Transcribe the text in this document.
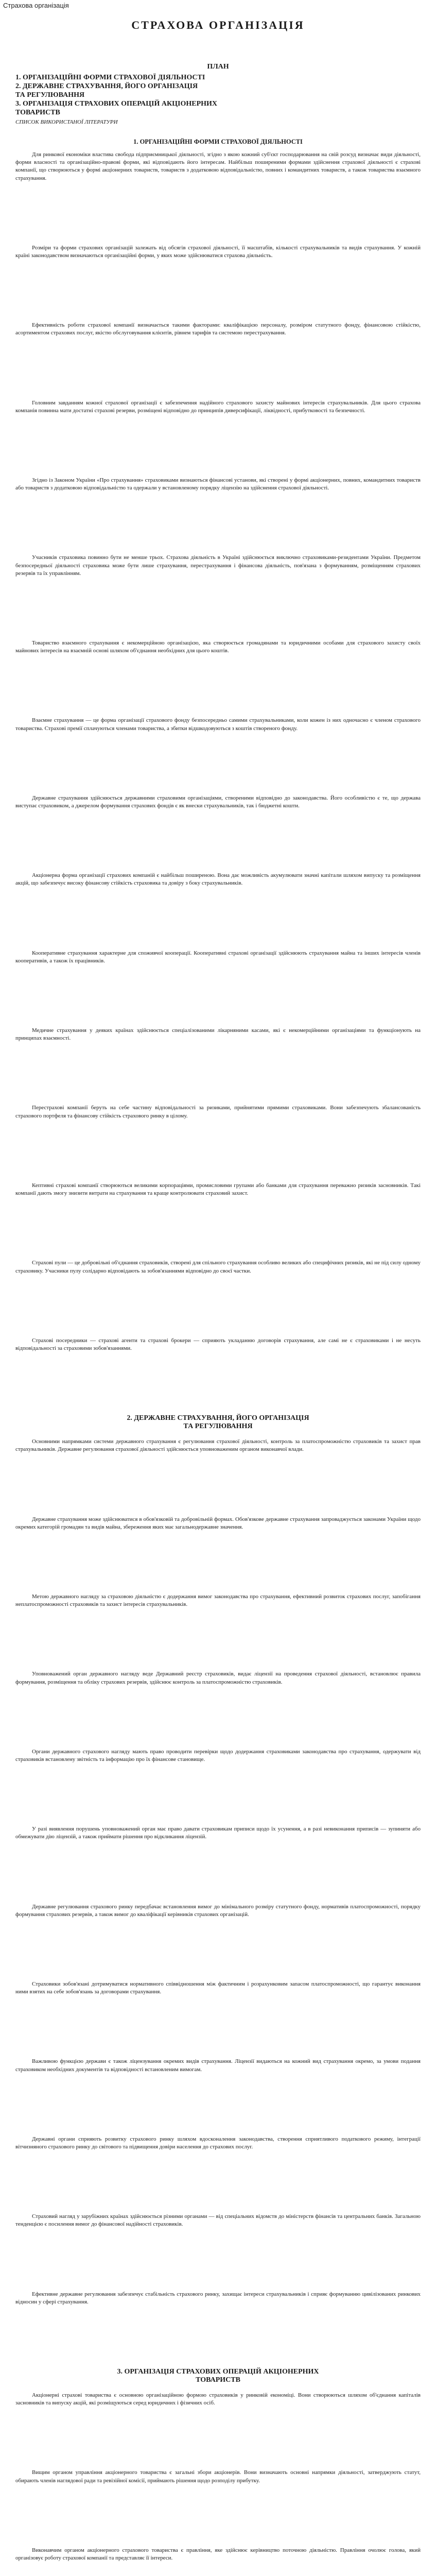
Страхова організація
СТРАХОВА ОРГАНІЗАЦІЯ
ПЛАН
1. ОРГАНІЗАЦІЙНІ ФОРМИ СТРАХОВОЇ ДІЯЛЬНОСТІ
2. ДЕРЖАВНЕ СТРАХУВАННЯ, ЙОГО ОРГАНІЗАЦІЯ
ТА РЕГУЛЮВАННЯ
3. ОРГАНІЗАЦІЯ СТРАХОВИХ ОПЕРАЦІЙ АКЦІОНЕРНИХ
ТОВАРИСТВ
СПИСОК ВИКОРИСТАНОЇ ЛІТЕРАТУРИ
1. ОРГАНІЗАЦІЙНІ ФОРМИ СТРАХОВОЇ ДІЯЛЬНОСТІ

Для ринкової економіки властива свобода підприємницької діяльності, згідно з якою кожний суб'єкт господарювання на свій розсуд визначає види діяльності, форми власності та організаційно-правові форми, які відповідають його інтересам. Найбільш поширеними формами здійснення страхової діяльності є страхові компанії, що створюються у формі акціонерних товариств, товариств з додатковою відповідальністю, повних і командитних товариств, а також товариства взаємного страхування.

Розміри та форми страхових організацій залежать від обсягів страхової діяльності, її масштабів, кількості страхувальників та видів страхування. У кожній країні законодавством визначаються організаційні форми, у яких може здійснюватися страхова діяльність.

Ефективність роботи страхової компанії визначається такими факторами: кваліфікацією персоналу, розміром статутного фонду, фінансовою стійкістю, асортиментом страхових послуг, якістю обслуговування клієнтів, рівнем тарифів та системою перестрахування.

Головним завданням кожної страхової організації є забезпечення надійного страхового захисту майнових інтересів страхувальників. Для цього страхова компанія повинна мати достатні страхові резерви, розміщені відповідно до принципів диверсифікації, ліквідності, прибутковості та безпечності.

Згідно із Законом України «Про страхування» страховиками визнаються фінансові установи, які створені у формі акціонерних, повних, командитних товариств або товариств з додатковою відповідальністю та одержали у встановленому порядку ліцензію на здійснення страхової діяльності.

Учасників страховика повинно бути не менше трьох. Страхова діяльність в Україні здійснюється виключно страховиками-резидентами України. Предметом безпосередньої діяльності страховика може бути лише страхування, перестрахування і фінансова діяльність, пов'язана з формуванням, розміщенням страхових резервів та їх управлінням.

Товариство взаємного страхування є некомерційною організацією, яка створюється громадянами та юридичними особами для страхового захисту своїх майнових інтересів на взаємній основі шляхом об'єднання необхідних для цього коштів.

Взаємне страхування — це форма організації страхового фонду безпосередньо самими страхувальниками, коли кожен із них одночасно є членом страхового товариства. Страхові премії сплачуються членами товариства, а збитки відшкодовуються з коштів створеного фонду.

Державне страхування здійснюється державними страховими організаціями, створеними відповідно до законодавства. Його особливістю є те, що держава виступає страховиком, а джерелом формування страхових фондів є як внески страхувальників, так і бюджетні кошти.

Акціонерна форма організації страхових компаній є найбільш поширеною. Вона дає можливість акумулювати значні капітали шляхом випуску та розміщення акцій, що забезпечує високу фінансову стійкість страховика та довіру з боку страхувальників.

Кооперативне страхування характерне для споживчої кооперації. Кооперативні страхові організації здійснюють страхування майна та інших інтересів членів кооперативів, а також їх працівників.

Медичне страхування у деяких країнах здійснюється спеціалізованими лікарняними касами, які є некомерційними організаціями та функціонують на принципах взаємності.

Перестрахові компанії беруть на себе частину відповідальності за ризиками, прийнятими прямими страховиками. Вони забезпечують збалансованість страхового портфеля та фінансову стійкість страхового ринку в цілому.

Кептивні страхові компанії створюються великими корпораціями, промисловими групами або банками для страхування переважно ризиків засновників. Такі компанії дають змогу знизити витрати на страхування та краще контролювати страховий захист.

Страхові пули — це добровільні об'єднання страховиків, створені для спільного страхування особливо великих або специфічних ризиків, які не під силу одному страховику. Учасники пулу солідарно відповідають за зобов'язаннями відповідно до своєї частки.

Страхові посередники — страхові агенти та страхові брокери — сприяють укладанню договорів страхування, але самі не є страховиками і не несуть відповідальності за страховими зобов'язаннями.

2. ДЕРЖАВНЕ СТРАХУВАННЯ, ЙОГО ОРГАНІЗАЦІЯ
ТА РЕГУЛЮВАННЯ

Основними напрямками системи державного страхування є регулювання страхової діяльності, контроль за платоспроможністю страховиків та захист прав страхувальників. Державне регулювання страхової діяльності здійснюється уповноваженим органом виконавчої влади.

Державне страхування може здійснюватися в обов'язковій та добровільній формах. Обов'язкове державне страхування запроваджується законами України щодо окремих категорій громадян та видів майна, збереження яких має загальнодержавне значення.

Метою державного нагляду за страховою діяльністю є додержання вимог законодавства про страхування, ефективний розвиток страхових послуг, запобігання неплатоспроможності страховиків та захист інтересів страхувальників.

Уповноважений орган державного нагляду веде Державний реєстр страховиків, видає ліцензії на проведення страхової діяльності, встановлює правила формування, розміщення та обліку страхових резервів, здійснює контроль за платоспроможністю страховиків.

Органи державного страхового нагляду мають право проводити перевірки щодо додержання страховиками законодавства про страхування, одержувати від страховиків встановлену звітність та інформацію про їх фінансове становище.

У разі виявлення порушень уповноважений орган має право давати страховикам приписи щодо їх усунення, а в разі невиконання приписів — зупиняти або обмежувати дію ліцензій, а також приймати рішення про відкликання ліцензій.

Державне регулювання страхового ринку передбачає встановлення вимог до мінімального розміру статутного фонду, нормативів платоспроможності, порядку формування страхових резервів, а також вимог до кваліфікації керівників страхових організацій.

Страховики зобов'язані дотримуватися нормативного співвідношення між фактичним і розрахунковим запасом платоспроможності, що гарантує виконання ними взятих на себе зобов'язань за договорами страхування.

Важливою функцією держави є також ліцензування окремих видів страхування. Ліцензії видаються на кожний вид страхування окремо, за умови подання страховиком необхідних документів та відповідності встановленим вимогам.

Державні органи сприяють розвитку страхового ринку шляхом вдосконалення законодавства, створення сприятливого податкового режиму, інтеграції вітчизняного страхового ринку до світового та підвищення довіри населення до страхових послуг.

Страховий нагляд у зарубіжних країнах здійснюється різними органами — від спеціальних відомств до міністерств фінансів та центральних банків. Загальною тенденцією є посилення вимог до фінансової надійності страховиків.

Ефективне державне регулювання забезпечує стабільність страхового ринку, захищає інтереси страхувальників і сприяє формуванню цивілізованих ринкових відносин у сфері страхування.

3. ОРГАНІЗАЦІЯ СТРАХОВИХ ОПЕРАЦІЙ АКЦІОНЕРНИХ
ТОВАРИСТВ

Акціонерні страхові товариства є основною організаційною формою страховиків у ринковій економіці. Вони створюються шляхом об'єднання капіталів засновників та випуску акцій, які розміщуються серед юридичних і фізичних осіб.

Вищим органом управління акціонерного товариства є загальні збори акціонерів. Вони визначають основні напрямки діяльності, затверджують статут, обирають членів наглядової ради та ревізійної комісії, приймають рішення щодо розподілу прибутку.

Виконавчим органом акціонерного страхового товариства є правління, яке здійснює керівництво поточною діяльністю. Правління очолює голова, який організовує роботу страхової компанії та представляє її інтереси.
